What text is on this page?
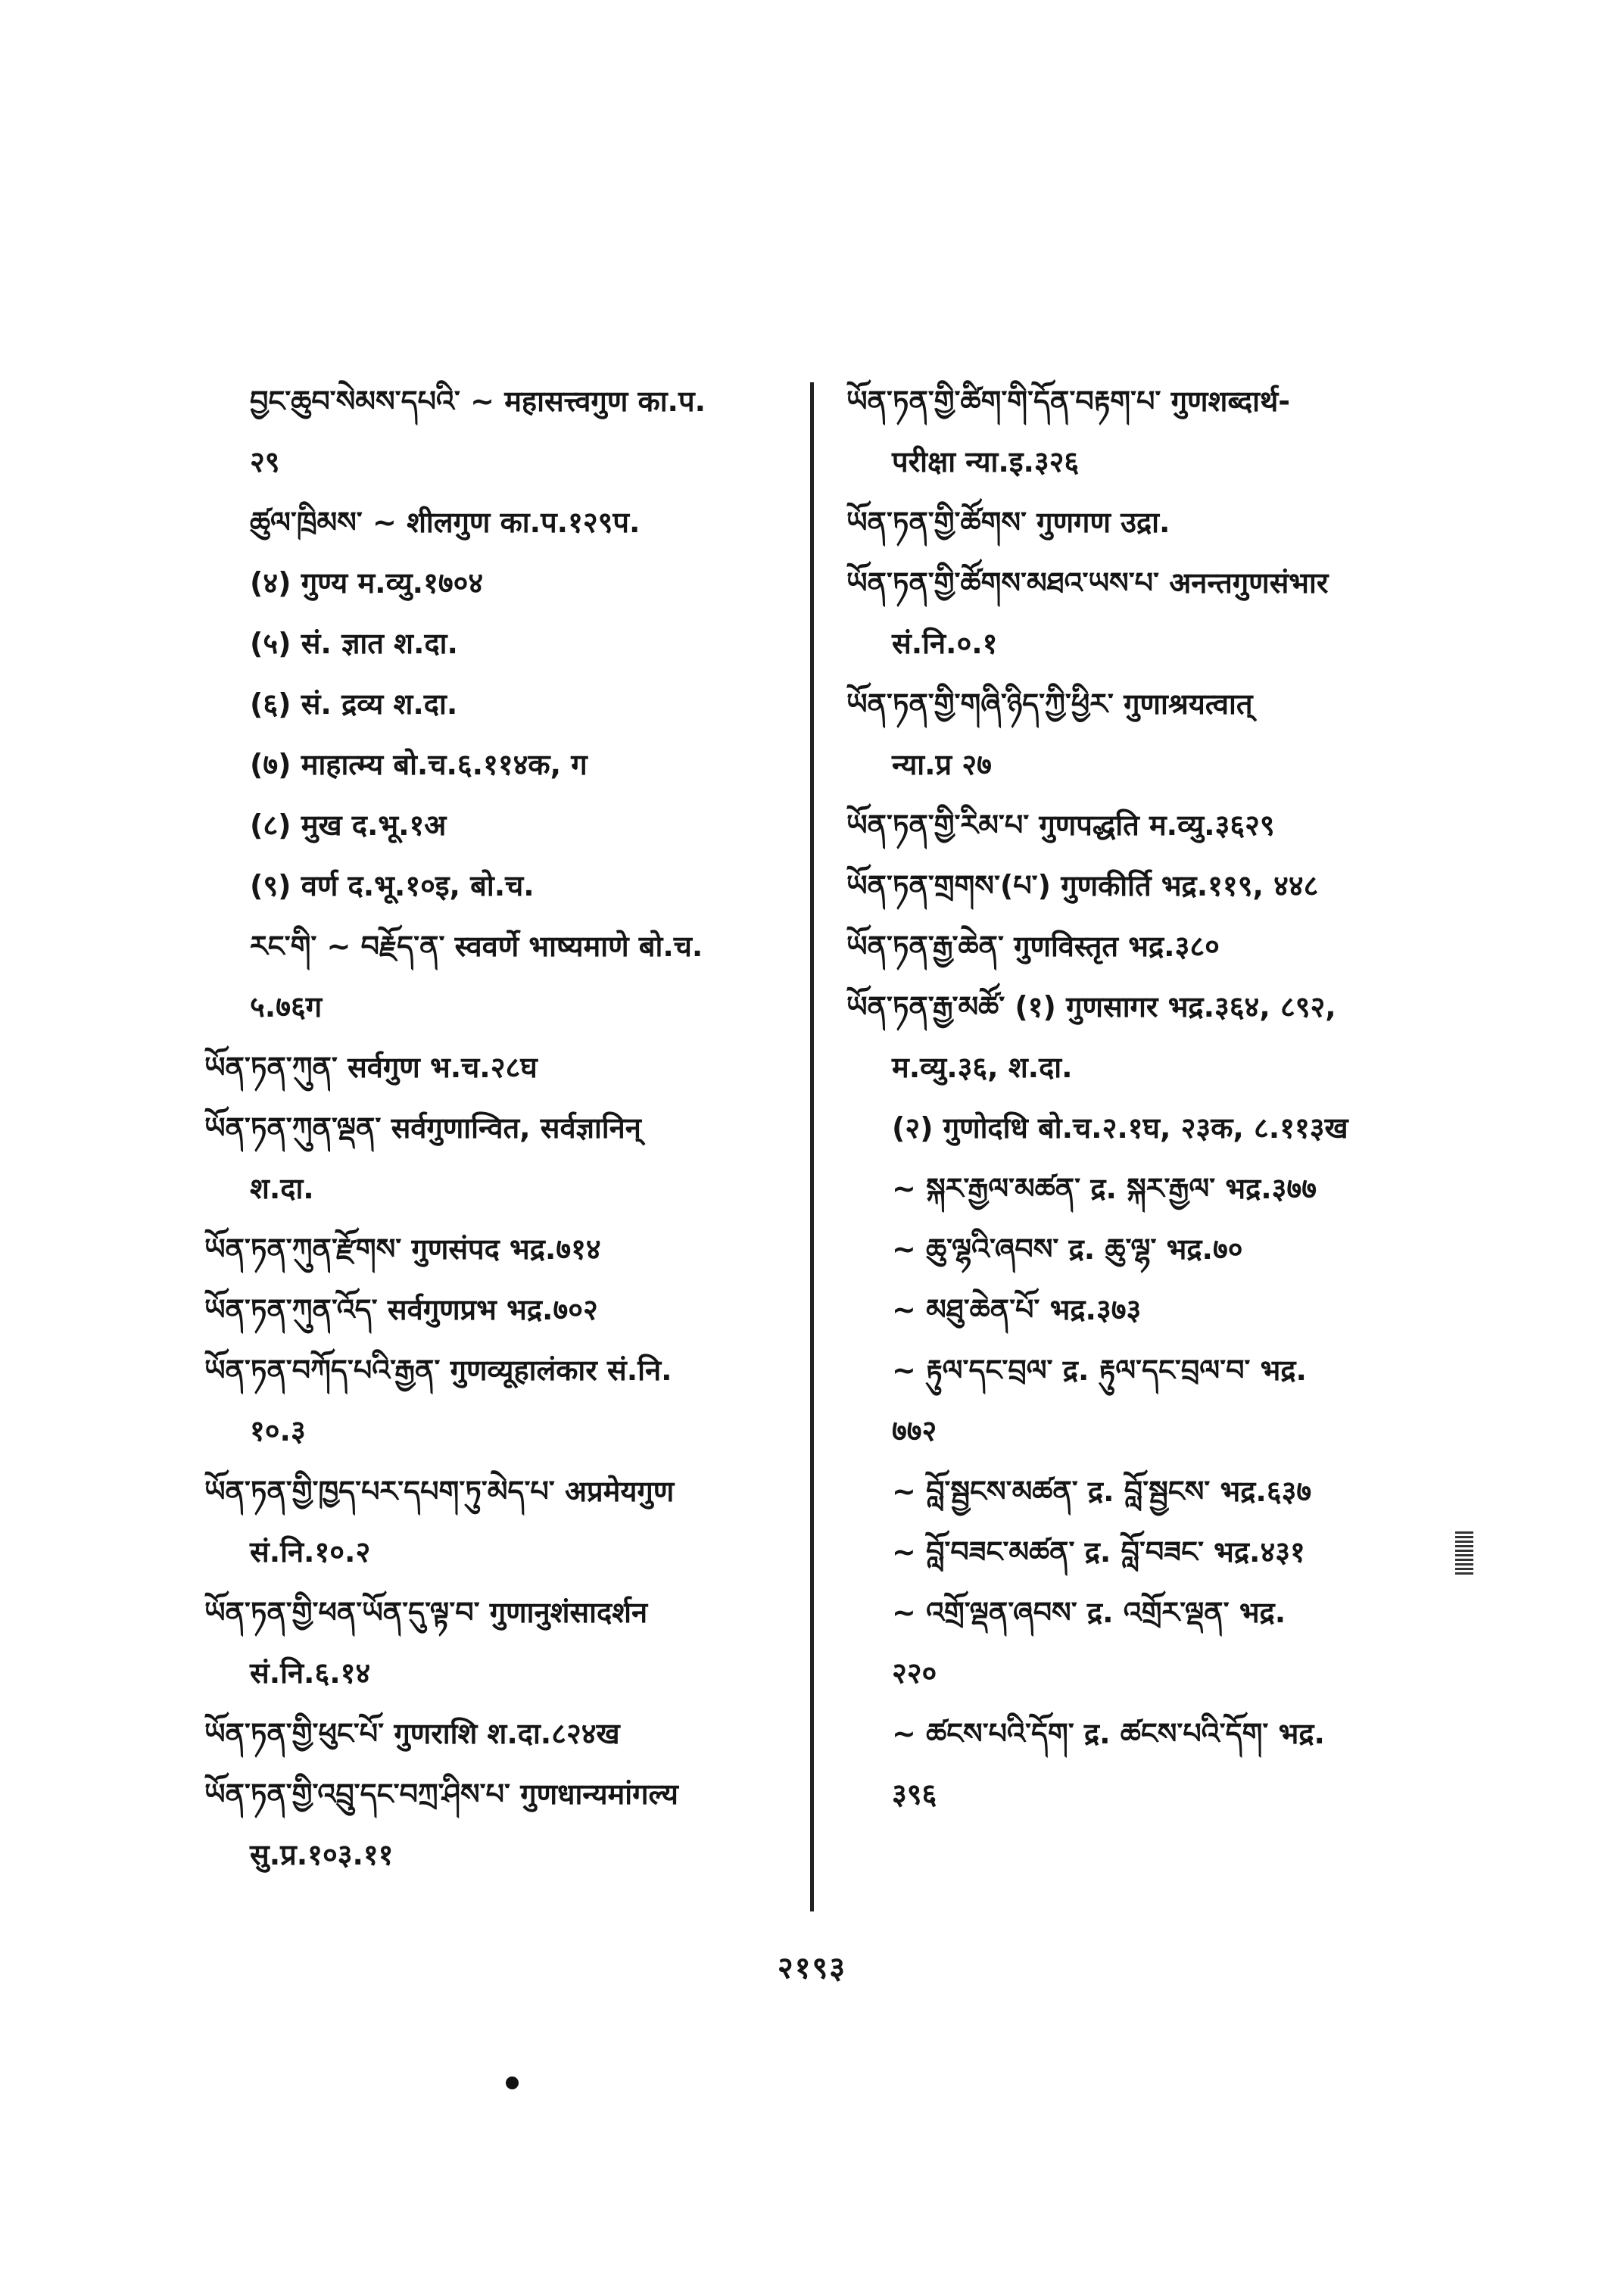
བྱང་ཆུབ་སེམས་དཔའི་ ~ महासत्त्वगुण का.प.
२९
ཚུལ་ཁྲིམས་ ~ शीलगुण का.प.१२९प.
(४) गुण्य म.व्यु.१७०४
(५) सं. ज्ञात श.दा.
(६) सं. द्रव्य श.दा.
(७) माहात्म्य बो.च.६.११४क, ग
(८) मुख द.भू.१अ
(९) वर्ण द.भू.१०इ, बो.च.
རང་གི་ ~ བརྗོད་ན་ स्ववर्णे भाष्यमाणे बो.च.
५.७६ग
ཡོན་ཏན་ཀུན་ सर्वगुण भ.च.२८घ
ཡོན་ཏན་ཀུན་ལྡན་ सर्वगुणान्वित, सर्वज्ञानिन्
श.दा.
ཡོན་ཏན་ཀུན་རྫོགས་ गुणसंपद भद्र.७१४
ཡོན་ཏན་ཀུན་འོད་ सर्वगुणप्रभ भद्र.७०२
ཡོན་ཏན་བཀོད་པའི་རྒྱན་ गुणव्यूहालंकार सं.नि.
१०.३
ཡོན་ཏན་གྱི་ཁྱད་པར་དཔག་ཏུ་མེད་པ་ अप्रमेयगुण
सं.नि.१०.२
ཡོན་ཏན་གྱི་ཕན་ཡོན་དུ་ལྟ་བ་ गुणानुशंसादर्शन
सं.नि.६.१४
ཡོན་ཏན་གྱི་ཕུང་པོ་ गुणराशि श.दा.८२४ख
ཡོན་ཏན་གྱི་འབྲུ་དང་བཀྲ་ཤིས་པ་ गुणधान्यमांगल्य
सु.प्र.१०३.११
ཡོན་ཏན་གྱི་ཚིག་གི་དོན་བརྟག་པ་ गुणशब्दार्थ-
परीक्षा न्या.इ.३२६
ཡོན་ཏན་གྱི་ཚོགས་ गुणगण उद्रा.
ཡོན་ཏན་གྱི་ཚོགས་མཐའ་ཡས་པ་ अनन्तगुणसंभार
सं.नि.०.१
ཡོན་ཏན་གྱི་གཞི་ཉིད་ཀྱི་ཕྱིར་ गुणाश्रयत्वात्
न्या.प्र २७
ཡོན་ཏན་གྱི་རིམ་པ་ गुणपद्धति म.व्यु.३६२९
ཡོན་ཏན་གྲགས་(པ་) गुणकीर्ति भद्र.११९, ४४८
ཡོན་ཏན་རྒྱ་ཆེན་ गुणविस्तृत भद्र.३८०
ཡོན་ཏན་རྒྱ་མཚོ་ (१) गुणसागर भद्र.३६४, ८९२,
म.व्यु.३६, श.दा.
(२) गुणोदधि बो.च.२.१घ, २३क, ८.११३ख
~ སྐར་རྒྱལ་མཚན་ द्र. སྐར་རྒྱལ་ भद्र.३७७
~ ཆུ་ལྷའི་ཞབས་ द्र. ཆུ་ལྷ་ भद्र.७०
~ མཐུ་ཆེན་པོ་ भद्र.३७३
~ རྟུལ་དང་བྲལ་ द्र. རྟུལ་དང་བྲལ་བ་ भद्र.
७७२
~ བློ་སྦྱངས་མཚན་ द्र. བློ་སྦྱངས་ भद्र.६३७
~ བློ་བཟང་མཚན་ द्र. བློ་བཟང་ भद्र.४३१
~ འགྲོ་ལྡན་ཞབས་ द्र. འགྲོར་ལྡན་ भद्र.
२२०
~ ཚངས་པའི་དོག་ द्र. ཚངས་པའི་དོག་ भद्र.
३९६
२१९३
